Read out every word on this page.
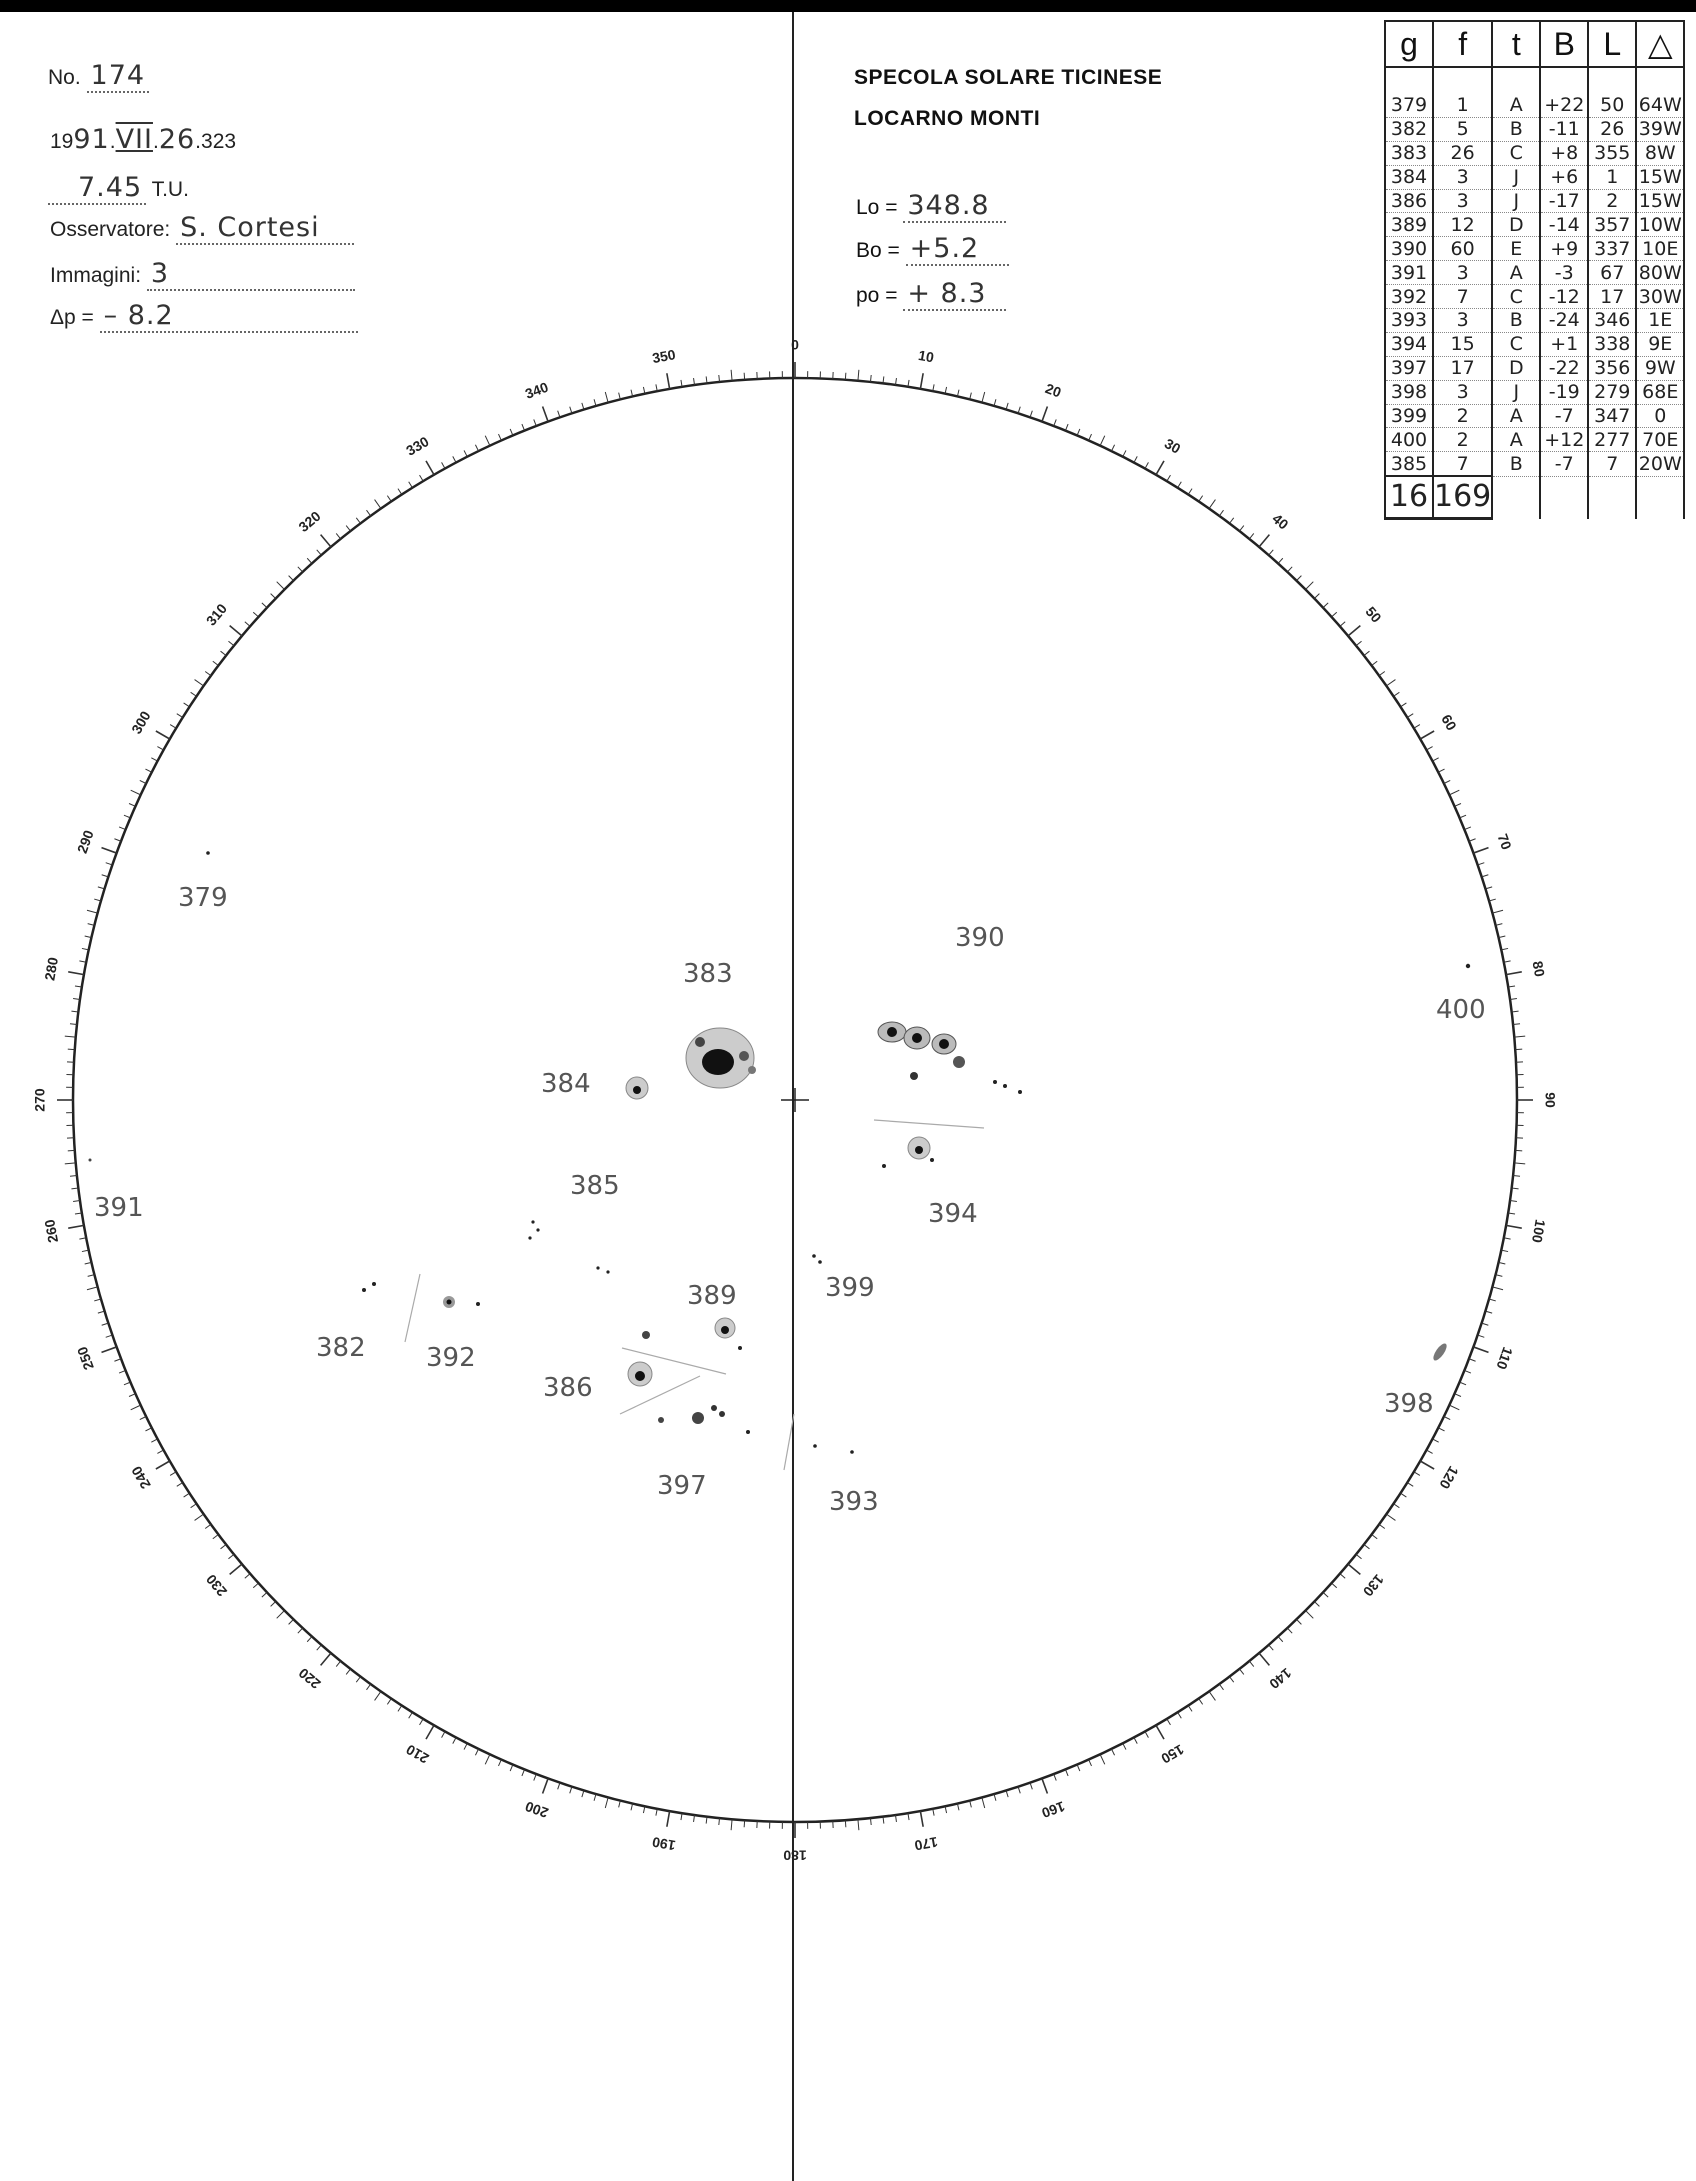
No. 174
1991.VII.26.323
7.45 T.U.
Osservatore: S. Cortesi
Immagini: 3
Δp = – 8.2
SPECOLA SOLARE TICINESE
LOCARNO MONTI
Lo = 348.8
Bo = +5.2
po = + 8.3
0
10
20
30
40
50
60
70
80
90
100
110
120
130
140
150
160
170
180
190
200
210
220
230
240
250
260
270
280
290
300
310
320
330
340
350
379
383
390
400
384
385
391	394
389	399
382 392
386
398
397
393
g	f	t	B	L	△

379	1	A	+22	50	64W
382	5	B	-11	26	39W
383	26	C	+8	355	8W
384	3	J	+6	1	15W
386	3	J	-17	2	15W
389	12	D	-14	357	10W
390	60	E	+9	337	10E
391	3	A	-3	67	80W
392	7	C	-12	17	30W
393	3	B	-24	346	1E
394	15	C	+1	338	9E
397	17	D	-22	356	9W
398	3	J	-19	279	68E
399	2	A	-7	347	0
400	2	A	+12	277	70E
385	7	B	-7	7	20W
16	169				
